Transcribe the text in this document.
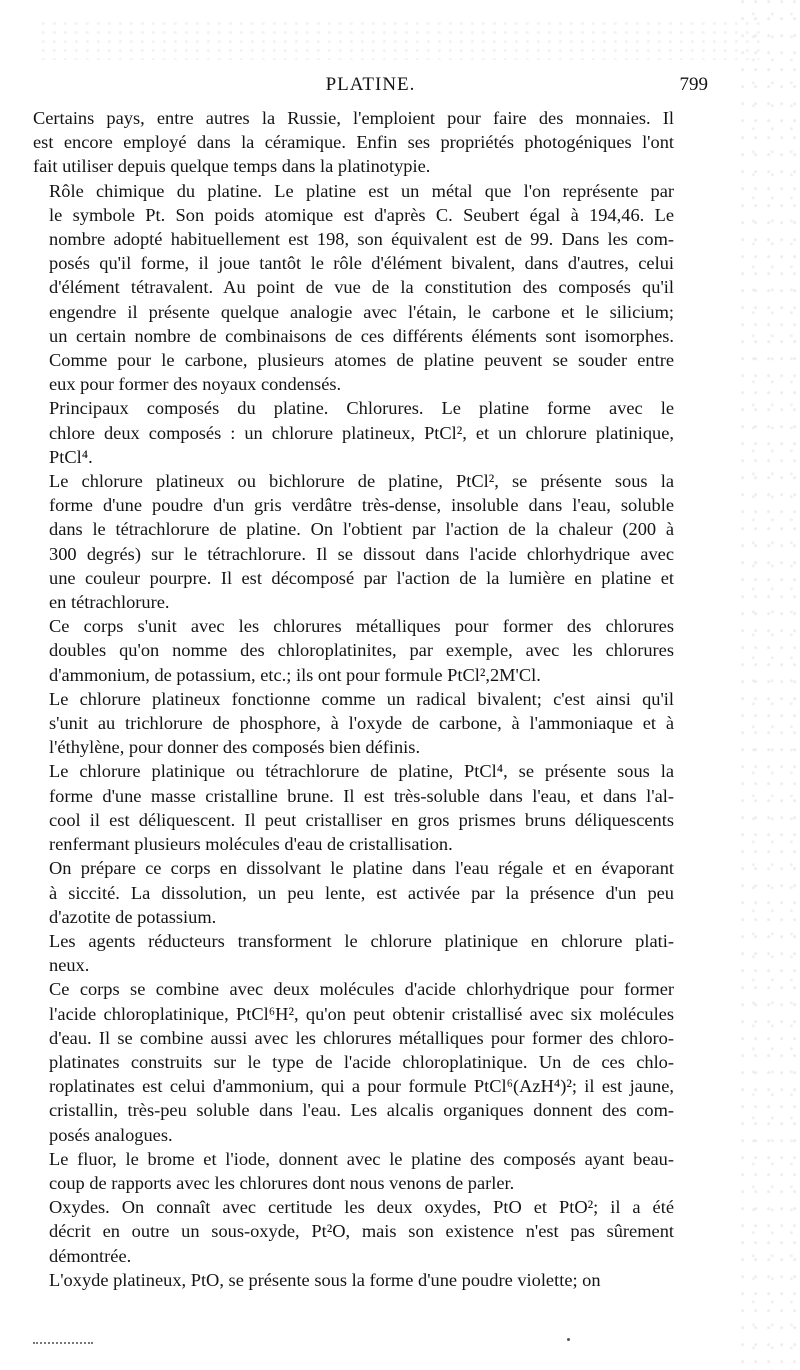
PLATINE.	799

Certains pays, entre autres la Russie, l'emploient pour faire des monnaies. Il
est encore employé dans la céramique. Enfin ses propriétés photogéniques l'ont
fait utiliser depuis quelque temps dans la platinotypie.

Rôle chimique du platine. Le platine est un métal que l'on représente par
le symbole Pt. Son poids atomique est d'après C. Seubert égal à 194,46. Le
nombre adopté habituellement est 198, son équivalent est de 99. Dans les com-
posés qu'il forme, il joue tantôt le rôle d'élément bivalent, dans d'autres, celui
d'élément tétravalent. Au point de vue de la constitution des composés qu'il
engendre il présente quelque analogie avec l'étain, le carbone et le silicium;
un certain nombre de combinaisons de ces différents éléments sont isomorphes.
Comme pour le carbone, plusieurs atomes de platine peuvent se souder entre
eux pour former des noyaux condensés.

Principaux composés du platine. Chlorures. Le platine forme avec le
chlore deux composés : un chlorure platineux, PtCl², et un chlorure platinique,
PtCl⁴.

Le chlorure platineux ou bichlorure de platine, PtCl², se présente sous la
forme d'une poudre d'un gris verdâtre très-dense, insoluble dans l'eau, soluble
dans le tétrachlorure de platine. On l'obtient par l'action de la chaleur (200 à
300 degrés) sur le tétrachlorure. Il se dissout dans l'acide chlorhydrique avec
une couleur pourpre. Il est décomposé par l'action de la lumière en platine et
en tétrachlorure.

Ce corps s'unit avec les chlorures métalliques pour former des chlorures
doubles qu'on nomme des chloroplatinites, par exemple, avec les chlorures
d'ammonium, de potassium, etc.; ils ont pour formule PtCl²,2M'Cl.

Le chlorure platineux fonctionne comme un radical bivalent; c'est ainsi qu'il
s'unit au trichlorure de phosphore, à l'oxyde de carbone, à l'ammoniaque et à
l'éthylène, pour donner des composés bien définis.

Le chlorure platinique ou tétrachlorure de platine, PtCl⁴, se présente sous la
forme d'une masse cristalline brune. Il est très-soluble dans l'eau, et dans l'al-
cool il est déliquescent. Il peut cristalliser en gros prismes bruns déliquescents
renfermant plusieurs molécules d'eau de cristallisation.

On prépare ce corps en dissolvant le platine dans l'eau régale et en évaporant
à siccité. La dissolution, un peu lente, est activée par la présence d'un peu
d'azotite de potassium.

Les agents réducteurs transforment le chlorure platinique en chlorure plati-
neux.

Ce corps se combine avec deux molécules d'acide chlorhydrique pour former
l'acide chloroplatinique, PtCl⁶H², qu'on peut obtenir cristallisé avec six molécules
d'eau. Il se combine aussi avec les chlorures métalliques pour former des chloro-
platinates construits sur le type de l'acide chloroplatinique. Un de ces chlo-
roplatinates est celui d'ammonium, qui a pour formule PtCl⁶(AzH⁴)²; il est jaune,
cristallin, très-peu soluble dans l'eau. Les alcalis organiques donnent des com-
posés analogues.

Le fluor, le brome et l'iode, donnent avec le platine des composés ayant beau-
coup de rapports avec les chlorures dont nous venons de parler.

Oxydes. On connaît avec certitude les deux oxydes, PtO et PtO²; il a été
décrit en outre un sous-oxyde, Pt²O, mais son existence n'est pas sûrement
démontrée.

L'oxyde platineux, PtO, se présente sous la forme d'une poudre violette; on
